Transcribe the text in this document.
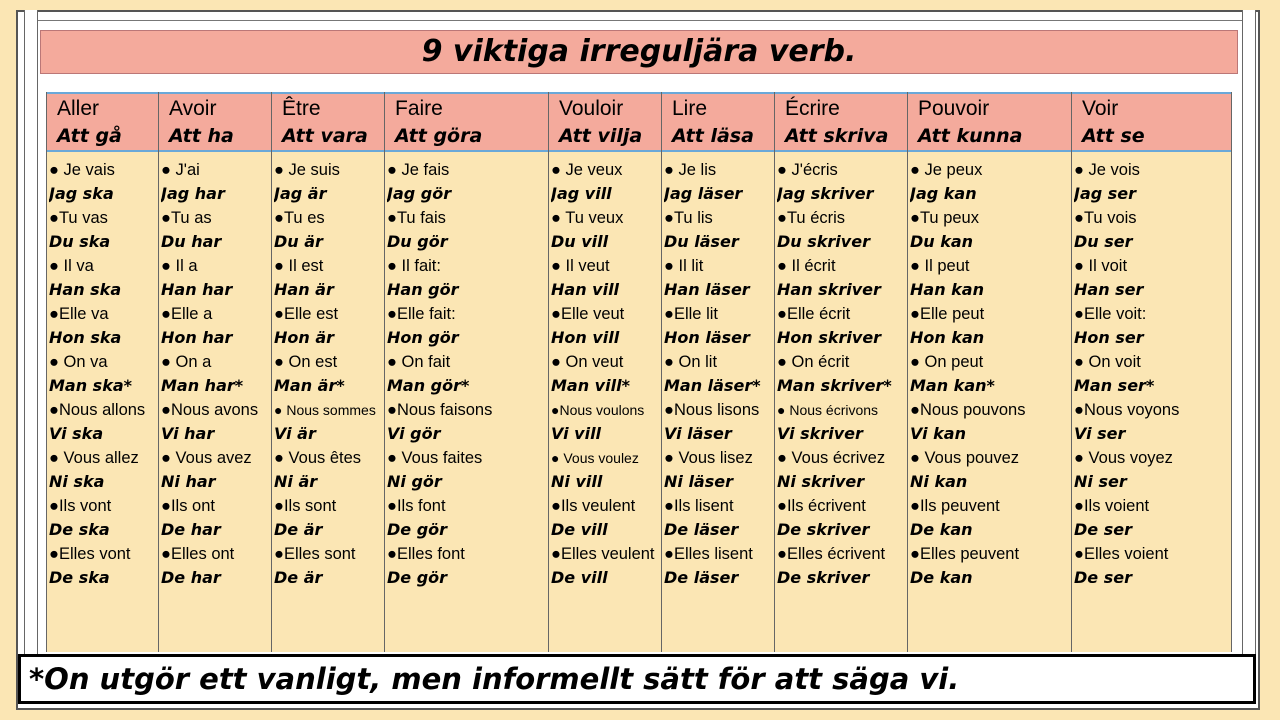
9 viktiga irreguljära verb.
Aller
Att gå
● Je vais
Jag ska
●Tu vas
Du ska
● Il va
Han ska
●Elle va
Hon ska
● On va
Man ska*
●Nous allons
Vi ska
● Vous allez
Ni ska
●Ils vont
De ska
●Elles vont
De ska
Avoir
Att ha
● J'ai
Jag har
●Tu as
Du har
● Il a
Han har
●Elle a
Hon har
● On a
Man har*
●Nous avons
Vi har
● Vous avez
Ni har
●Ils ont
De har
●Elles ont
De har
Être
Att vara
● Je suis
Jag är
●Tu es
Du är
● Il est
Han är
●Elle est
Hon är
● On est
Man är*
● Nous sommes
Vi är
● Vous êtes
Ni är
●Ils sont
De är
●Elles sont
De är
Faire
Att göra
● Je fais
Jag gör
●Tu fais
Du gör
● Il fait:
Han gör
●Elle fait:
Hon gör
● On fait
Man gör*
●Nous faisons
Vi gör
● Vous faites
Ni gör
●Ils font
De gör
●Elles font
De gör
Vouloir
Att vilja
● Je veux
Jag vill
● Tu veux
Du vill
● Il veut
Han vill
●Elle veut
Hon vill
● On veut
Man vill*
●Nous voulons
Vi vill
● Vous voulez
Ni vill
●Ils veulent
De vill
●Elles veulent
De vill
Lire
Att läsa
● Je lis
Jag läser
●Tu lis
Du läser
● Il lit
Han läser
●Elle lit
Hon läser
● On lit
Man läser*
●Nous lisons
Vi läser
● Vous lisez
Ni läser
●Ils lisent
De läser
●Elles lisent
De läser
Écrire
Att skriva
● J'écris
Jag skriver
●Tu écris
Du skriver
● Il écrit
Han skriver
●Elle écrit
Hon skriver
● On écrit
Man skriver*
● Nous écrivons
Vi skriver
● Vous écrivez
Ni skriver
●Ils écrivent
De skriver
●Elles écrivent
De skriver
Pouvoir
Att kunna
● Je peux
Jag kan
●Tu peux
Du kan
● Il peut
Han kan
●Elle peut
Hon kan
● On peut
Man kan*
●Nous pouvons
Vi kan
● Vous pouvez
Ni kan
●Ils peuvent
De kan
●Elles peuvent
De kan
Voir
Att se
● Je vois
Jag ser
●Tu vois
Du ser
● Il voit
Han ser
●Elle voit:
Hon ser
● On voit
Man ser*
●Nous voyons
Vi ser
● Vous voyez
Ni ser
●Ils voient
De ser
●Elles voient
De ser
*On utgör ett vanligt, men informellt sätt för att säga vi.
